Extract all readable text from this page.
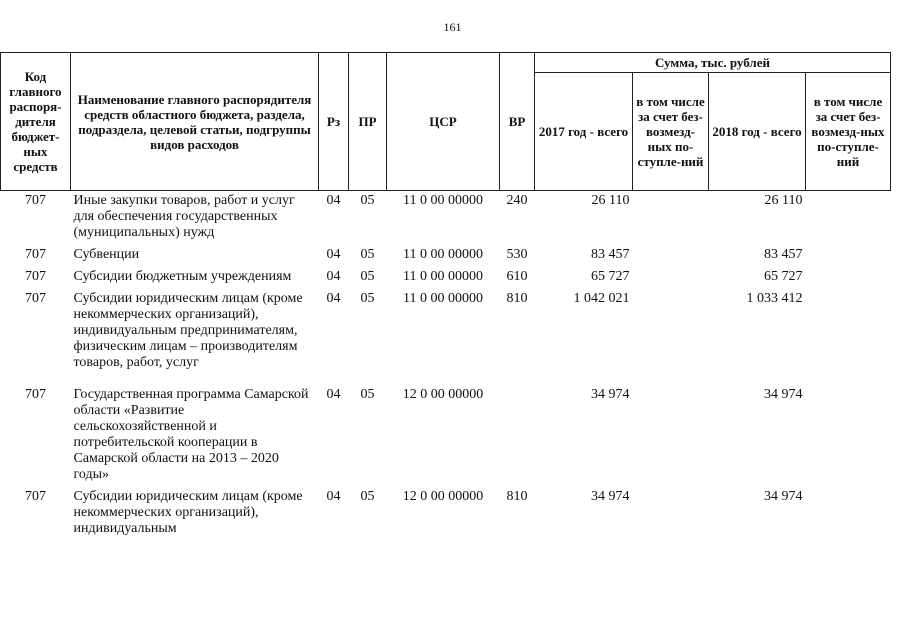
161
Код главного распоря-дителя бюджет-ных средств	Наименование главного распорядителя средств областного бюджета, раздела, подраздела, целевой статьи, подгруппы видов расходов	Рз	ПР	ЦСР	ВР	Сумма, тыс. рублей			
						2017 год - всего	в том числе за счет без-возмезд-ных по-ступле-ний	2018 год - всего	в том числе за счет без-возмезд-ных по-ступле-ний
707	Иные закупки товаров, работ и услуг для обеспечения государственных (муниципальных) нужд	04	05	11 0 00 00000	240	26 110		26 110	
707	Субвенции	04	05	11 0 00 00000	530	83 457		83 457	
707	Субсидии бюджетным учреждениям	04	05	11 0 00 00000	610	65 727		65 727	
707	Субсидии юридическим лицам (кроме некоммерческих организаций), индивидуальным предпринимателям, физическим лицам – производителям товаров, работ, услуг	04	05	11 0 00 00000	810	1 042 021		1 033 412	
707	Государственная программа Самарской области «Развитие сельскохозяйственной и потребительской кооперации в Самарской области на 2013 – 2020 годы»	04	05	12 0 00 00000		34 974		34 974	
707	Субсидии юридическим лицам (кроме некоммерческих организаций), индивидуальным	04	05	12 0 00 00000	810	34 974		34 974	
